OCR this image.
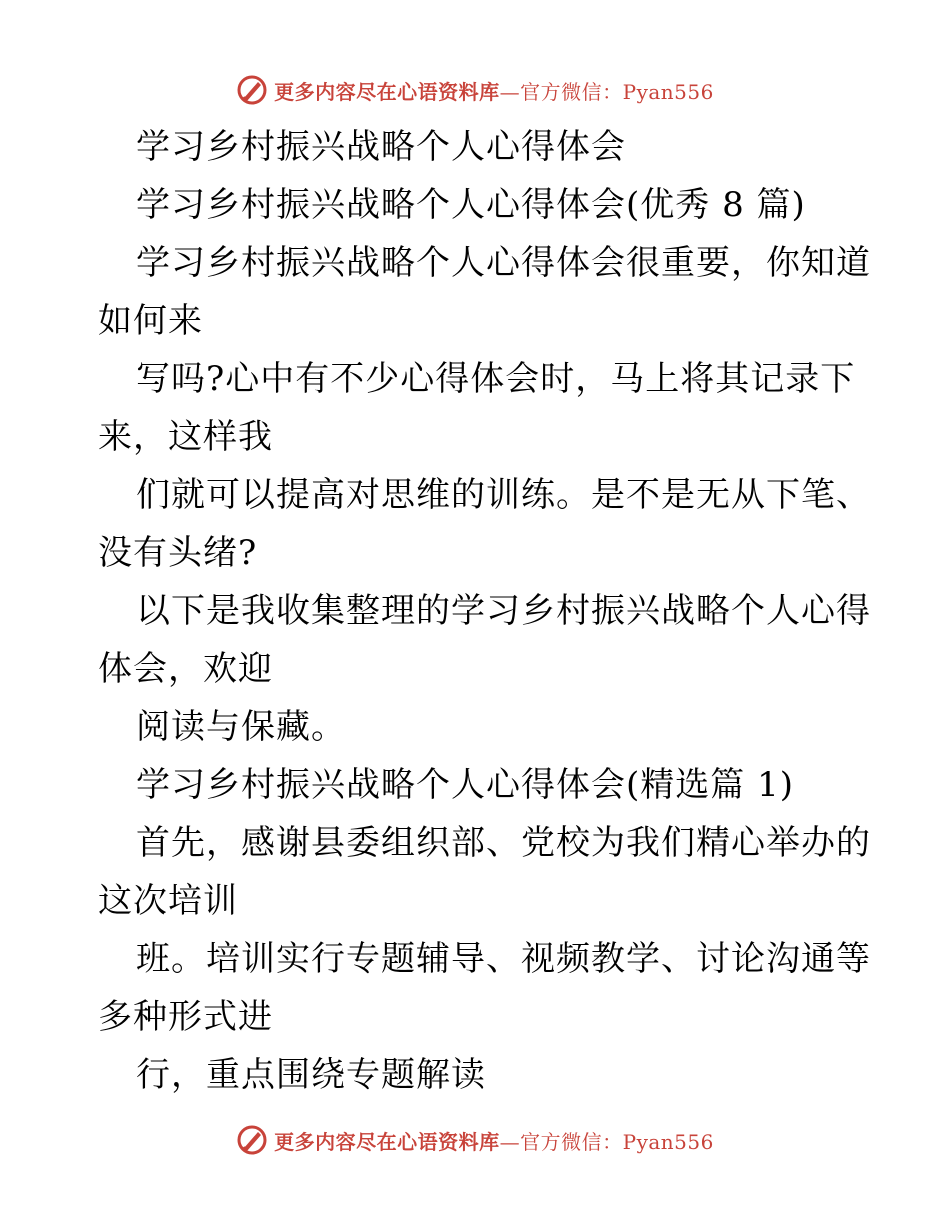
更多内容尽在心语资料库—官方微信：Pyan556
学习乡村振兴战略个人心得体会
学习乡村振兴战略个人心得体会(优秀 8 篇)
学习乡村振兴战略个人心得体会很重要，你知道
如何来
写吗?心中有不少心得体会时，马上将其记录下
来，这样我
们就可以提高对思维的训练。是不是无从下笔、
没有头绪?
以下是我收集整理的学习乡村振兴战略个人心得
体会，欢迎
阅读与保藏。
学习乡村振兴战略个人心得体会(精选篇 1)
首先，感谢县委组织部、党校为我们精心举办的
这次培训
班。培训实行专题辅导、视频教学、讨论沟通等
多种形式进
行，重点围绕专题解读
更多内容尽在心语资料库—官方微信：Pyan556
